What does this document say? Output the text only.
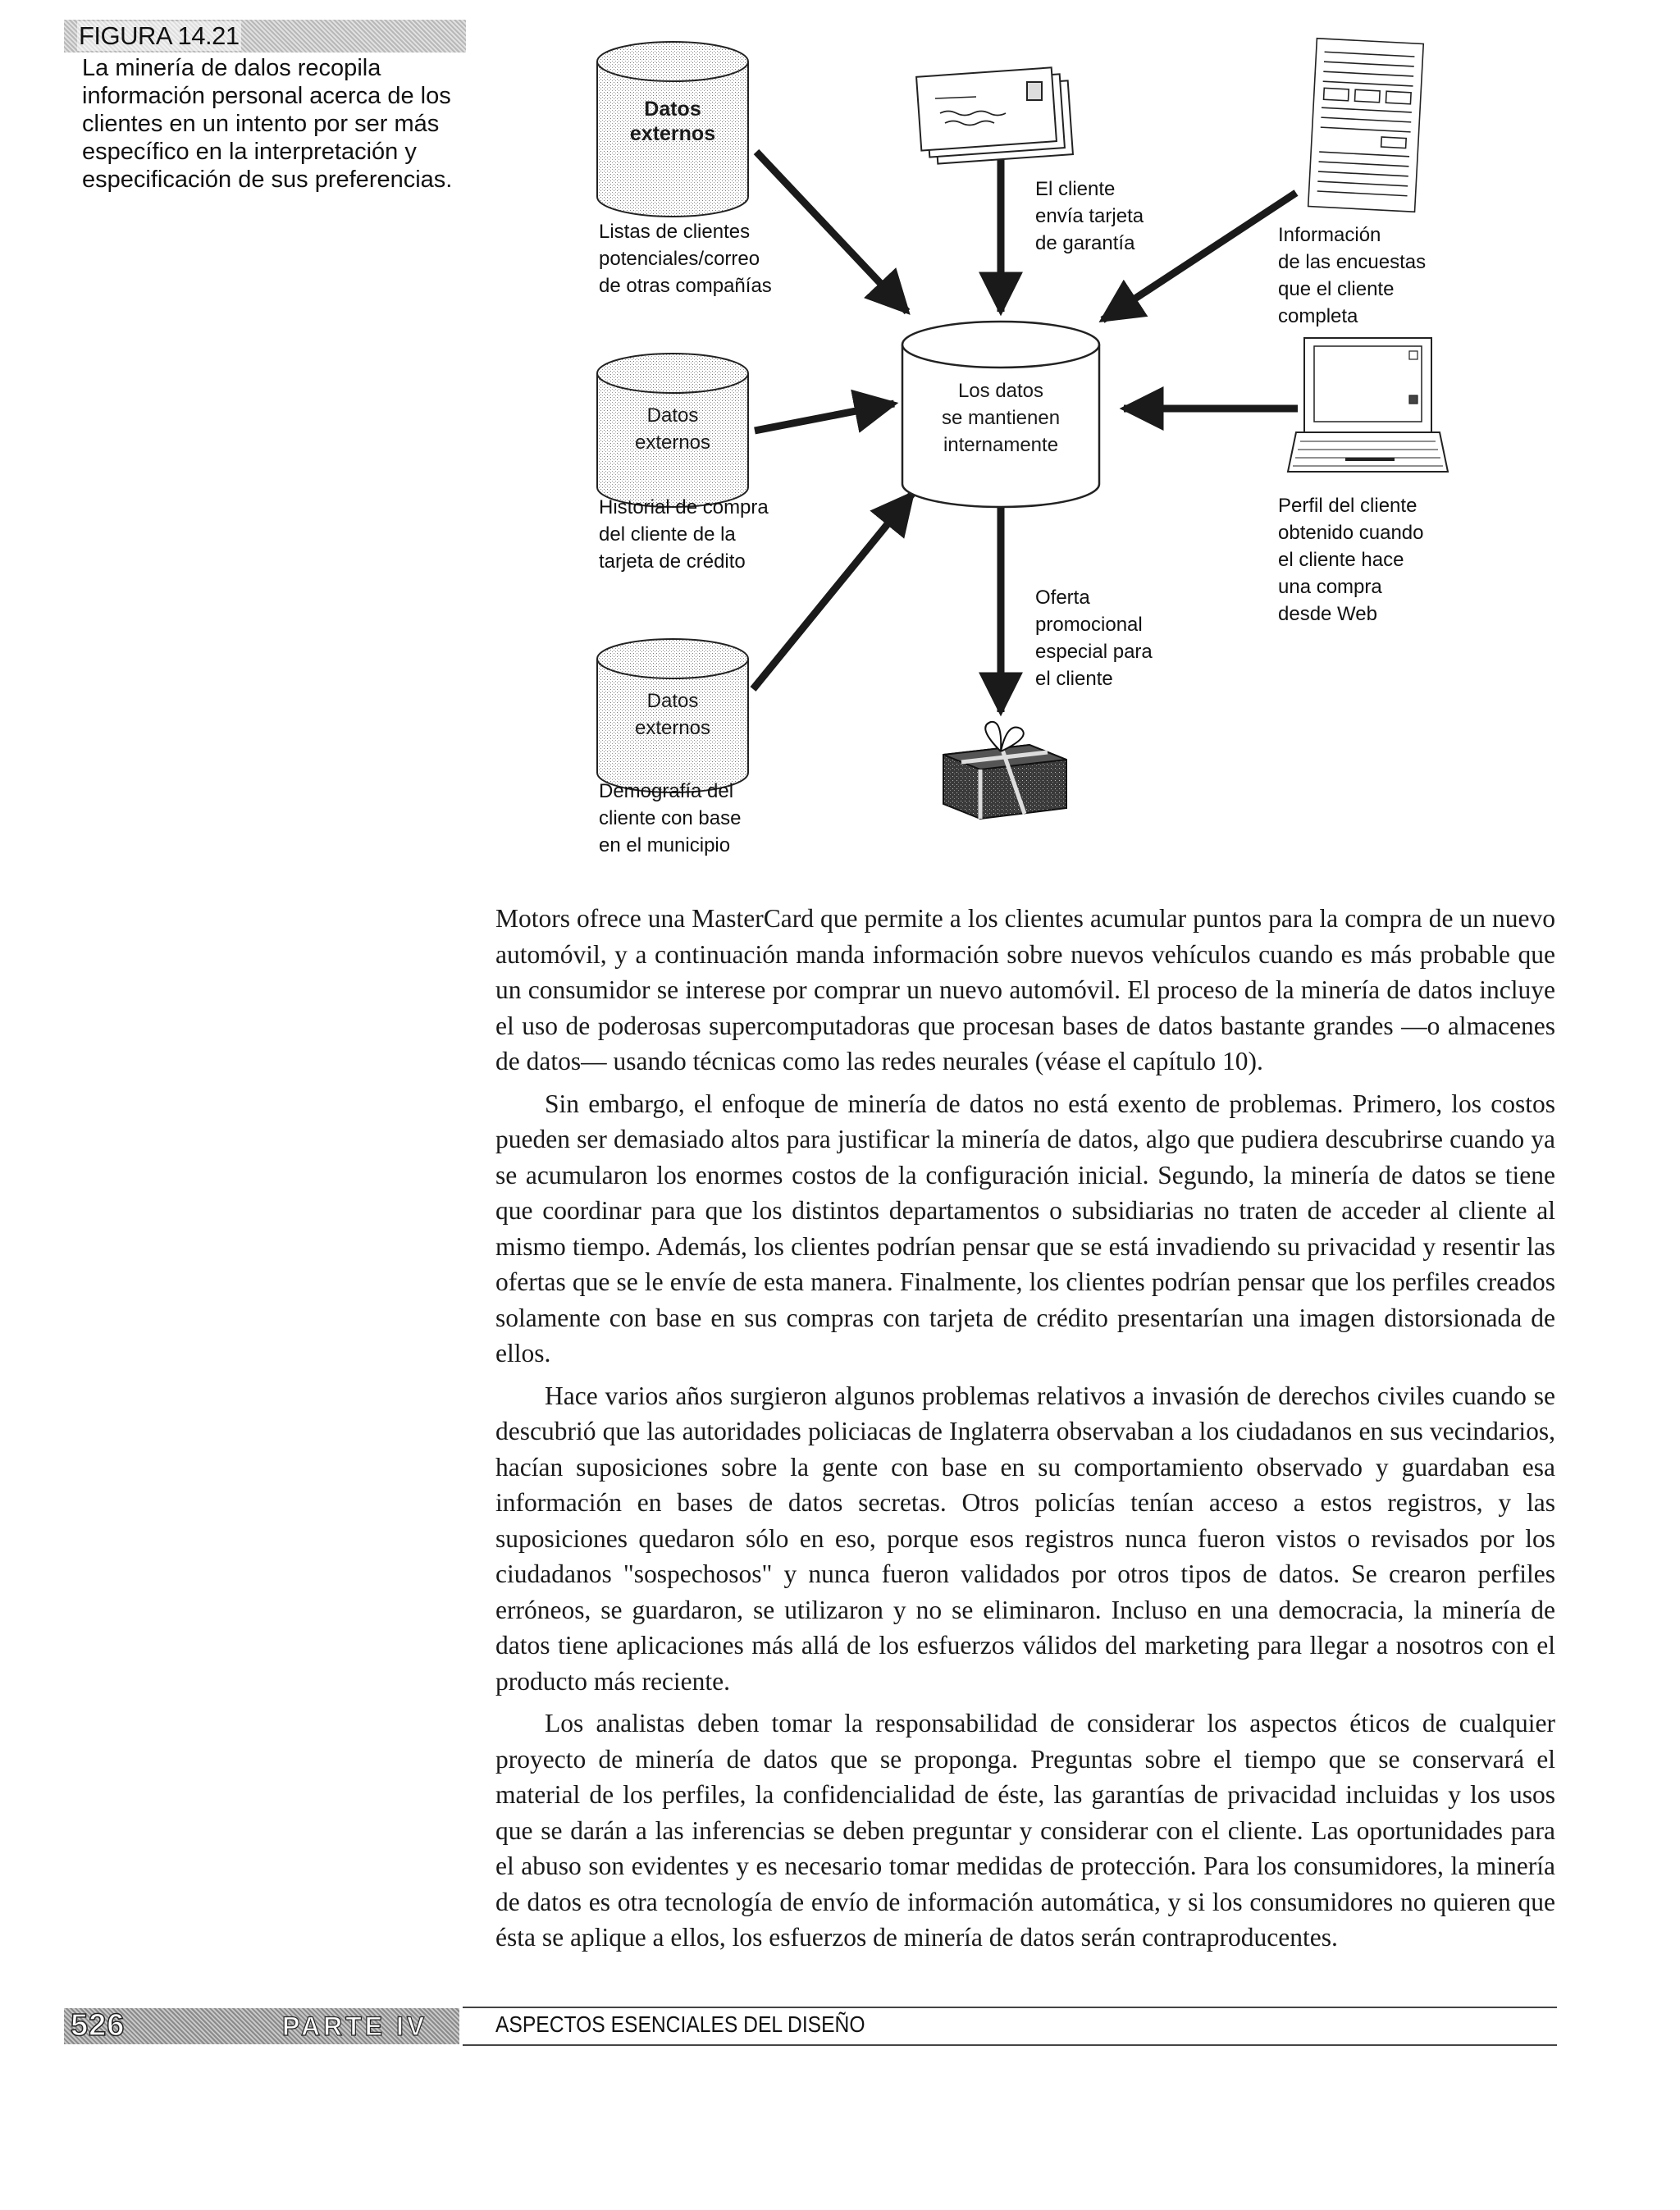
FIGURA 14.21
La minería de dalos recopila información personal acerca de los clientes en un intento por ser más específico en la interpretación y especificación de sus preferencias.
Datos
externos
Datos
externos
Datos
externos
Los datos
se mantienen
internamente
Listas de clientes
potenciales/correo
de otras compañías
Historial de compra
del cliente de la
tarjeta de crédito
Demografía del
cliente con base
en el municipio
El cliente
envía tarjeta
de garantía	Información
de las encuestas
que el cliente
completa
Perfil del cliente
obtenido cuando
el cliente hace
una compra
desde Web
Oferta
promocional
especial para
el cliente

Motors ofrece una MasterCard que permite a los clientes acumular puntos para la compra de un nuevo automóvil, y a continuación manda información sobre nuevos vehículos cuando es más probable que un consumidor se interese por comprar un nuevo automóvil. El proceso de la minería de datos incluye el uso de poderosas supercomputadoras que procesan bases de datos bastante grandes —o almacenes de datos— usando técnicas como las redes neurales (véase el capítulo 10).

Sin embargo, el enfoque de minería de datos no está exento de problemas. Primero, los costos pueden ser demasiado altos para justificar la minería de datos, algo que pudiera descubrirse cuando ya se acumularon los enormes costos de la configuración inicial. Segundo, la minería de datos se tiene que coordinar para que los distintos departamentos o subsidiarias no traten de acceder al cliente al mismo tiempo. Además, los clientes podrían pensar que se está invadiendo su privacidad y resentir las ofertas que se le envíe de esta manera. Finalmente, los clientes podrían pensar que los perfiles creados solamente con base en sus compras con tarjeta de crédito presentarían una imagen distorsionada de ellos.

Hace varios años surgieron algunos problemas relativos a invasión de derechos civiles cuando se descubrió que las autoridades policiacas de Inglaterra observaban a los ciudadanos en sus vecindarios, hacían suposiciones sobre la gente con base en su comportamiento observado y guardaban esa información en bases de datos secretas. Otros policías tenían acceso a estos registros, y las suposiciones quedaron sólo en eso, porque esos registros nunca fueron vistos o revisados por los ciudadanos "sospechosos" y nunca fueron validados por otros tipos de datos. Se crearon perfiles erróneos, se guardaron, se utilizaron y no se eliminaron. Incluso en una democracia, la minería de datos tiene aplicaciones más allá de los esfuerzos válidos del marketing para llegar a nosotros con el producto más reciente.

Los analistas deben tomar la responsabilidad de considerar los aspectos éticos de cualquier proyecto de minería de datos que se proponga. Preguntas sobre el tiempo que se conservará el material de los perfiles, la confidencialidad de éste, las garantías de privacidad incluidas y los usos que se darán a las inferencias se deben preguntar y considerar con el cliente. Las oportunidades para el abuso son evidentes y es necesario tomar medidas de protección. Para los consumidores, la minería de datos es otra tecnología de envío de información automática, y si los consumidores no quieren que ésta se aplique a ellos, los esfuerzos de minería de datos serán contraproducentes.

526	PARTE IV	ASPECTOS ESENCIALES DEL DISEÑO
